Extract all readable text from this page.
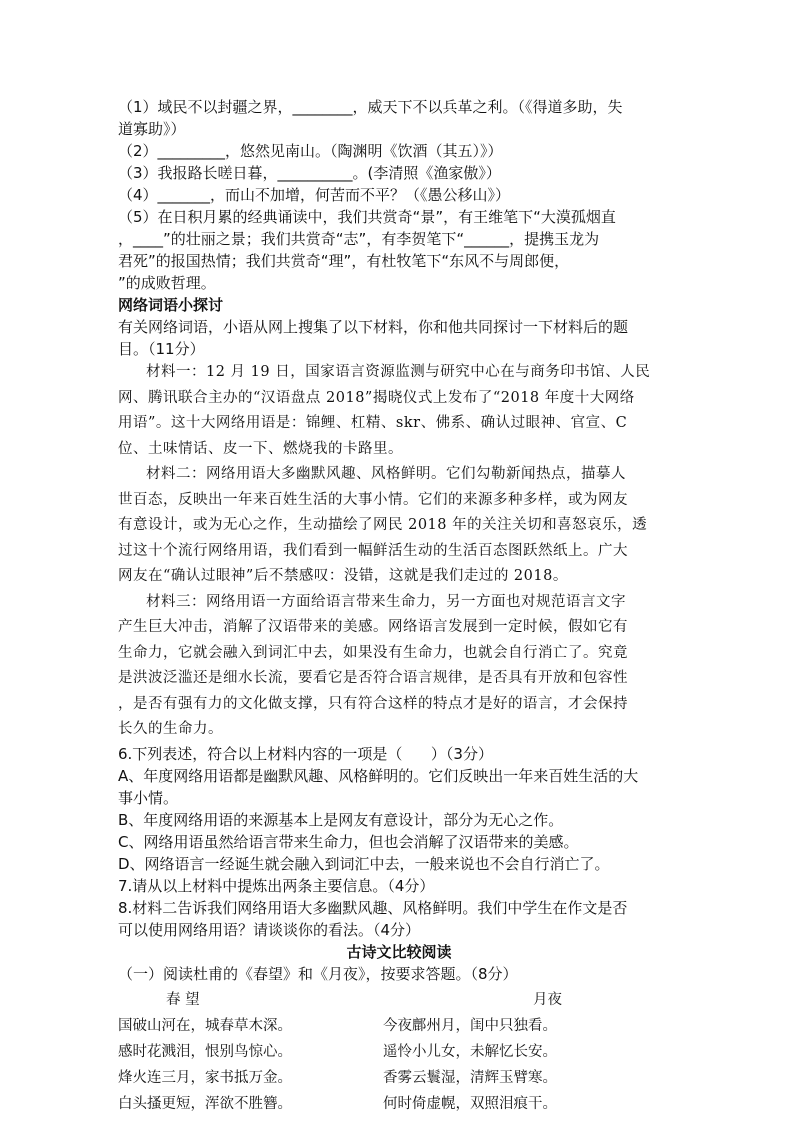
（1）域民不以封疆之界，________，威天下不以兵革之利。（《得道多助，失
道寡助》）
（2）_________，悠然见南山。（陶渊明《饮酒（其五）》）
（3）我报路长嗟日暮，__________。(李清照《渔家傲》）
（4）_______，而山不加增，何苦而不平？（《愚公移山》）
（5）在日积月累的经典诵读中，我们共赏奇“景”，有王维笔下“大漠孤烟直
，____”的壮丽之景；我们共赏奇“志”，有李贺笔下“______，提携玉龙为
君死”的报国热情；我们共赏奇“理”，有杜牧笔下“东风不与周郎便，
”的成败哲理。
网络词语小探讨
有关网络词语，小语从网上搜集了以下材料，你和他共同探讨一下材料后的题
目。（11分）
材料一：12 月 19 日，国家语言资源监测与研究中心在与商务印书馆、人民
网、腾讯联合主办的“汉语盘点 2018”揭晓仪式上发布了“2018 年度十大网络
用语”。这十大网络用语是：锦鲤、杠精、skr、佛系、确认过眼神、官宣、C
位、土味情话、皮一下、燃烧我的卡路里。
材料二：网络用语大多幽默风趣、风格鲜明。它们勾勒新闻热点，描摹人
世百态，反映出一年来百姓生活的大事小情。它们的来源多种多样，或为网友
有意设计，或为无心之作，生动描绘了网民 2018 年的关注关切和喜怒哀乐，透
过这十个流行网络用语，我们看到一幅鲜活生动的生活百态图跃然纸上。广大
网友在“确认过眼神”后不禁感叹：没错，这就是我们走过的 2018。
材料三：网络用语一方面给语言带来生命力，另一方面也对规范语言文字
产生巨大冲击，消解了汉语带来的美感。网络语言发展到一定时候，假如它有
生命力，它就会融入到词汇中去，如果没有生命力，也就会自行消亡了。究竟
是洪波泛滥还是细水长流，要看它是否符合语言规律，是否具有开放和包容性
，是否有强有力的文化做支撑，只有符合这样的特点才是好的语言，才会保持
长久的生命力。
6.下列表述，符合以上材料内容的一项是（      ）（3分）
A、年度网络用语都是幽默风趣、风格鲜明的。它们反映出一年来百姓生活的大
事小情。
B、年度网络用语的来源基本上是网友有意设计，部分为无心之作。
C、网络用语虽然给语言带来生命力，但也会消解了汉语带来的美感。
D、网络语言一经诞生就会融入到词汇中去，一般来说也不会自行消亡了。
7.请从以上材料中提炼出两条主要信息。（4分）
8.材料二告诉我们网络用语大多幽默风趣、风格鲜明。我们中学生在作文是否
可以使用网络用语？请谈谈你的看法。（4分）
古诗文比较阅读
（一）阅读杜甫的《春望》和《月夜》，按要求答题。（8分）
春 望
国破山河在，城春草木深。
感时花溅泪，恨别鸟惊心。
烽火连三月，家书抵万金。
白头搔更短，浑欲不胜簪。
月夜
今夜鄜州月，闺中只独看。
遥怜小儿女，未解忆长安。
香雾云鬟湿，清辉玉臂寒。
何时倚虚幌，双照泪痕干。
